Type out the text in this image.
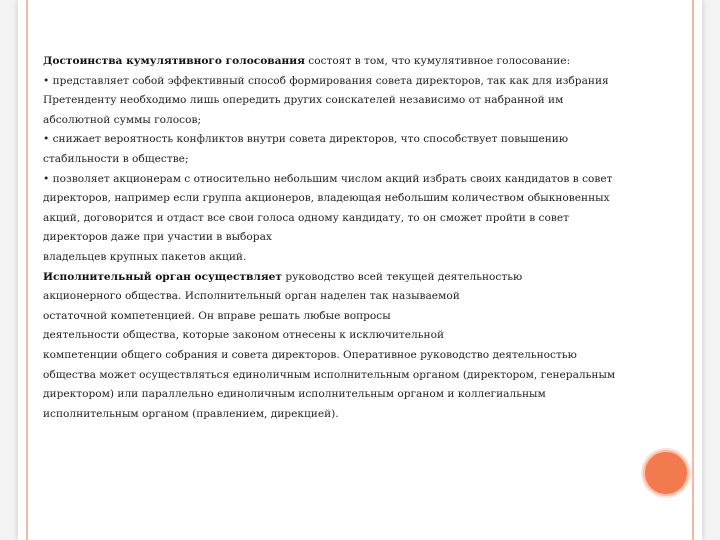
Достоинства кумулятивного голосования состоят в том, что кумулятивное голосование:
• представляет собой эффективный способ формирования совета директоров, так как для избрания
Претенденту необходимо лишь опередить других соискателей независимо от набранной им
абсолютной суммы голосов;
• снижает вероятность конфликтов внутри совета директоров, что способствует повышению
стабильности в обществе;
• позволяет акционерам с относительно небольшим числом акций избрать своих кандидатов в совет
директоров, например если группа акционеров, владеющая небольшим количеством обыкновенных
акций, договорится и отдаст все свои голоса одному кандидату, то он сможет пройти в совет
директоров даже при участии в выборах
владельцев крупных пакетов акций.
Исполнительный орган осуществляет руководство всей текущей деятельностью
акционерного общества. Исполнительный орган наделен так называемой
остаточной компетенцией. Он вправе решать любые вопросы
деятельности общества, которые законом отнесены к исключительной
компетенции общего собрания и совета директоров. Оперативное руководство деятельностью
общества может осуществляться единоличным исполнительным органом (директором, генеральным
директором) или параллельно единоличным исполнительным органом и коллегиальным
исполнительным органом (правлением, дирекцией).
